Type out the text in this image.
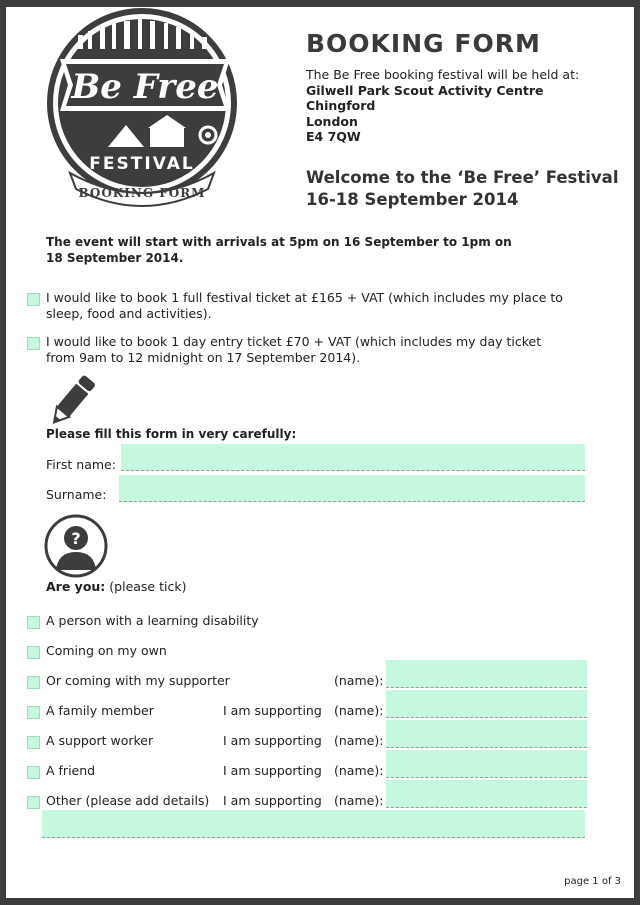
Be Free
FESTIVAL
BOOKING FORM
BOOKING FORM
The Be Free booking festival will be held at:
Gilwell Park Scout Activity Centre
Chingford
London
E4 7QW
Welcome to the ‘Be Free’ Festival
16-18 September 2014
The event will start with arrivals at 5pm on 16 September to 1pm on
18 September 2014.
I would like to book 1 full festival ticket at £165 + VAT (which includes my place to
sleep, food and activities).
I would like to book 1 day entry ticket £70 + VAT (which includes my day ticket
from 9am to 12 midnight on 17 September 2014).
Please fill this form in very carefully:
First name:
Surname:
?
Are you: (please tick)
A person with a learning disability
Coming on my own
Or coming with my supporter	(name):
A family member	I am supporting (name):
A support worker	I am supporting (name):
A friend	I am supporting (name):
Other (please add details) I am supporting (name):
page 1 of 3
